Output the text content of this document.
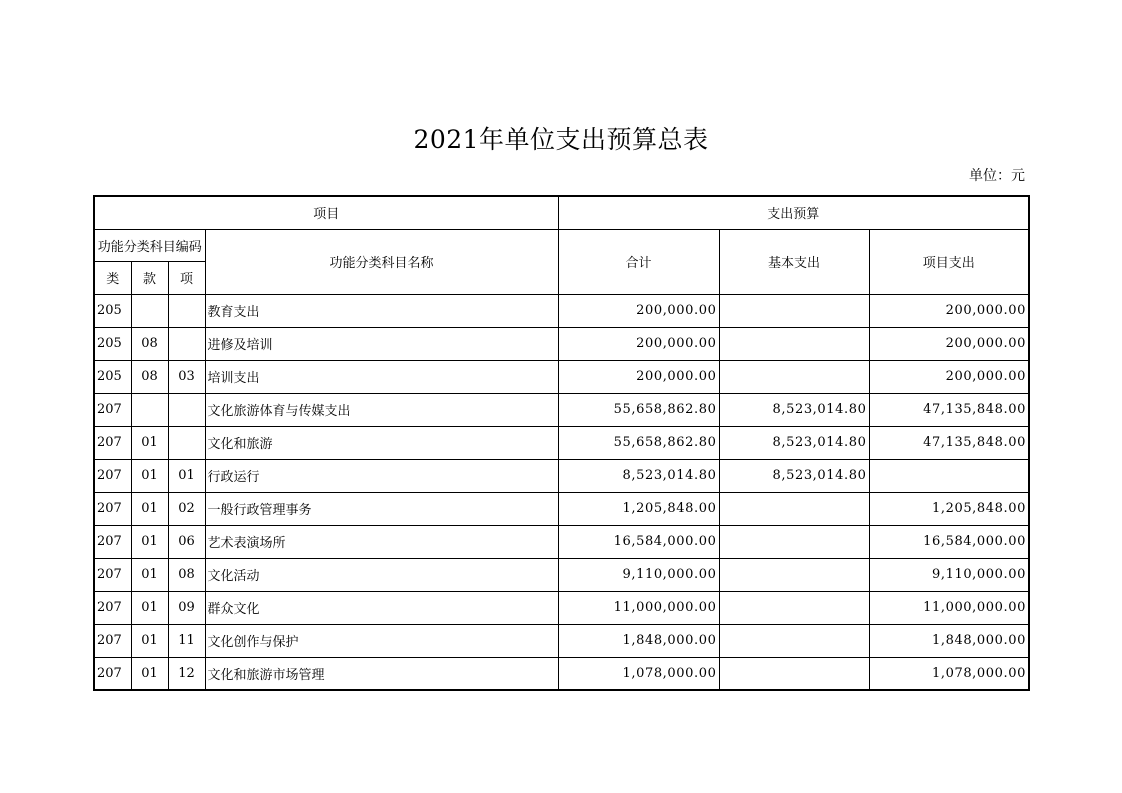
2021年单位支出预算总表
单位：元
项目				支出预算		
功能分类科目编码			功能分类科目名称	合计	基本支出	项目支出
类	款	项				
205			教育支出	200,000.00		200,000.00
205	08		进修及培训	200,000.00		200,000.00
205	08	03	培训支出	200,000.00		200,000.00
207			文化旅游体育与传媒支出	55,658,862.80	8,523,014.80	47,135,848.00
207	01		文化和旅游	55,658,862.80	8,523,014.80	47,135,848.00
207	01	01	行政运行	8,523,014.80	8,523,014.80	
207	01	02	一般行政管理事务	1,205,848.00		1,205,848.00
207	01	06	艺术表演场所	16,584,000.00		16,584,000.00
207	01	08	文化活动	9,110,000.00		9,110,000.00
207	01	09	群众文化	11,000,000.00		11,000,000.00
207	01	11	文化创作与保护	1,848,000.00		1,848,000.00
207	01	12	文化和旅游市场管理	1,078,000.00		1,078,000.00
